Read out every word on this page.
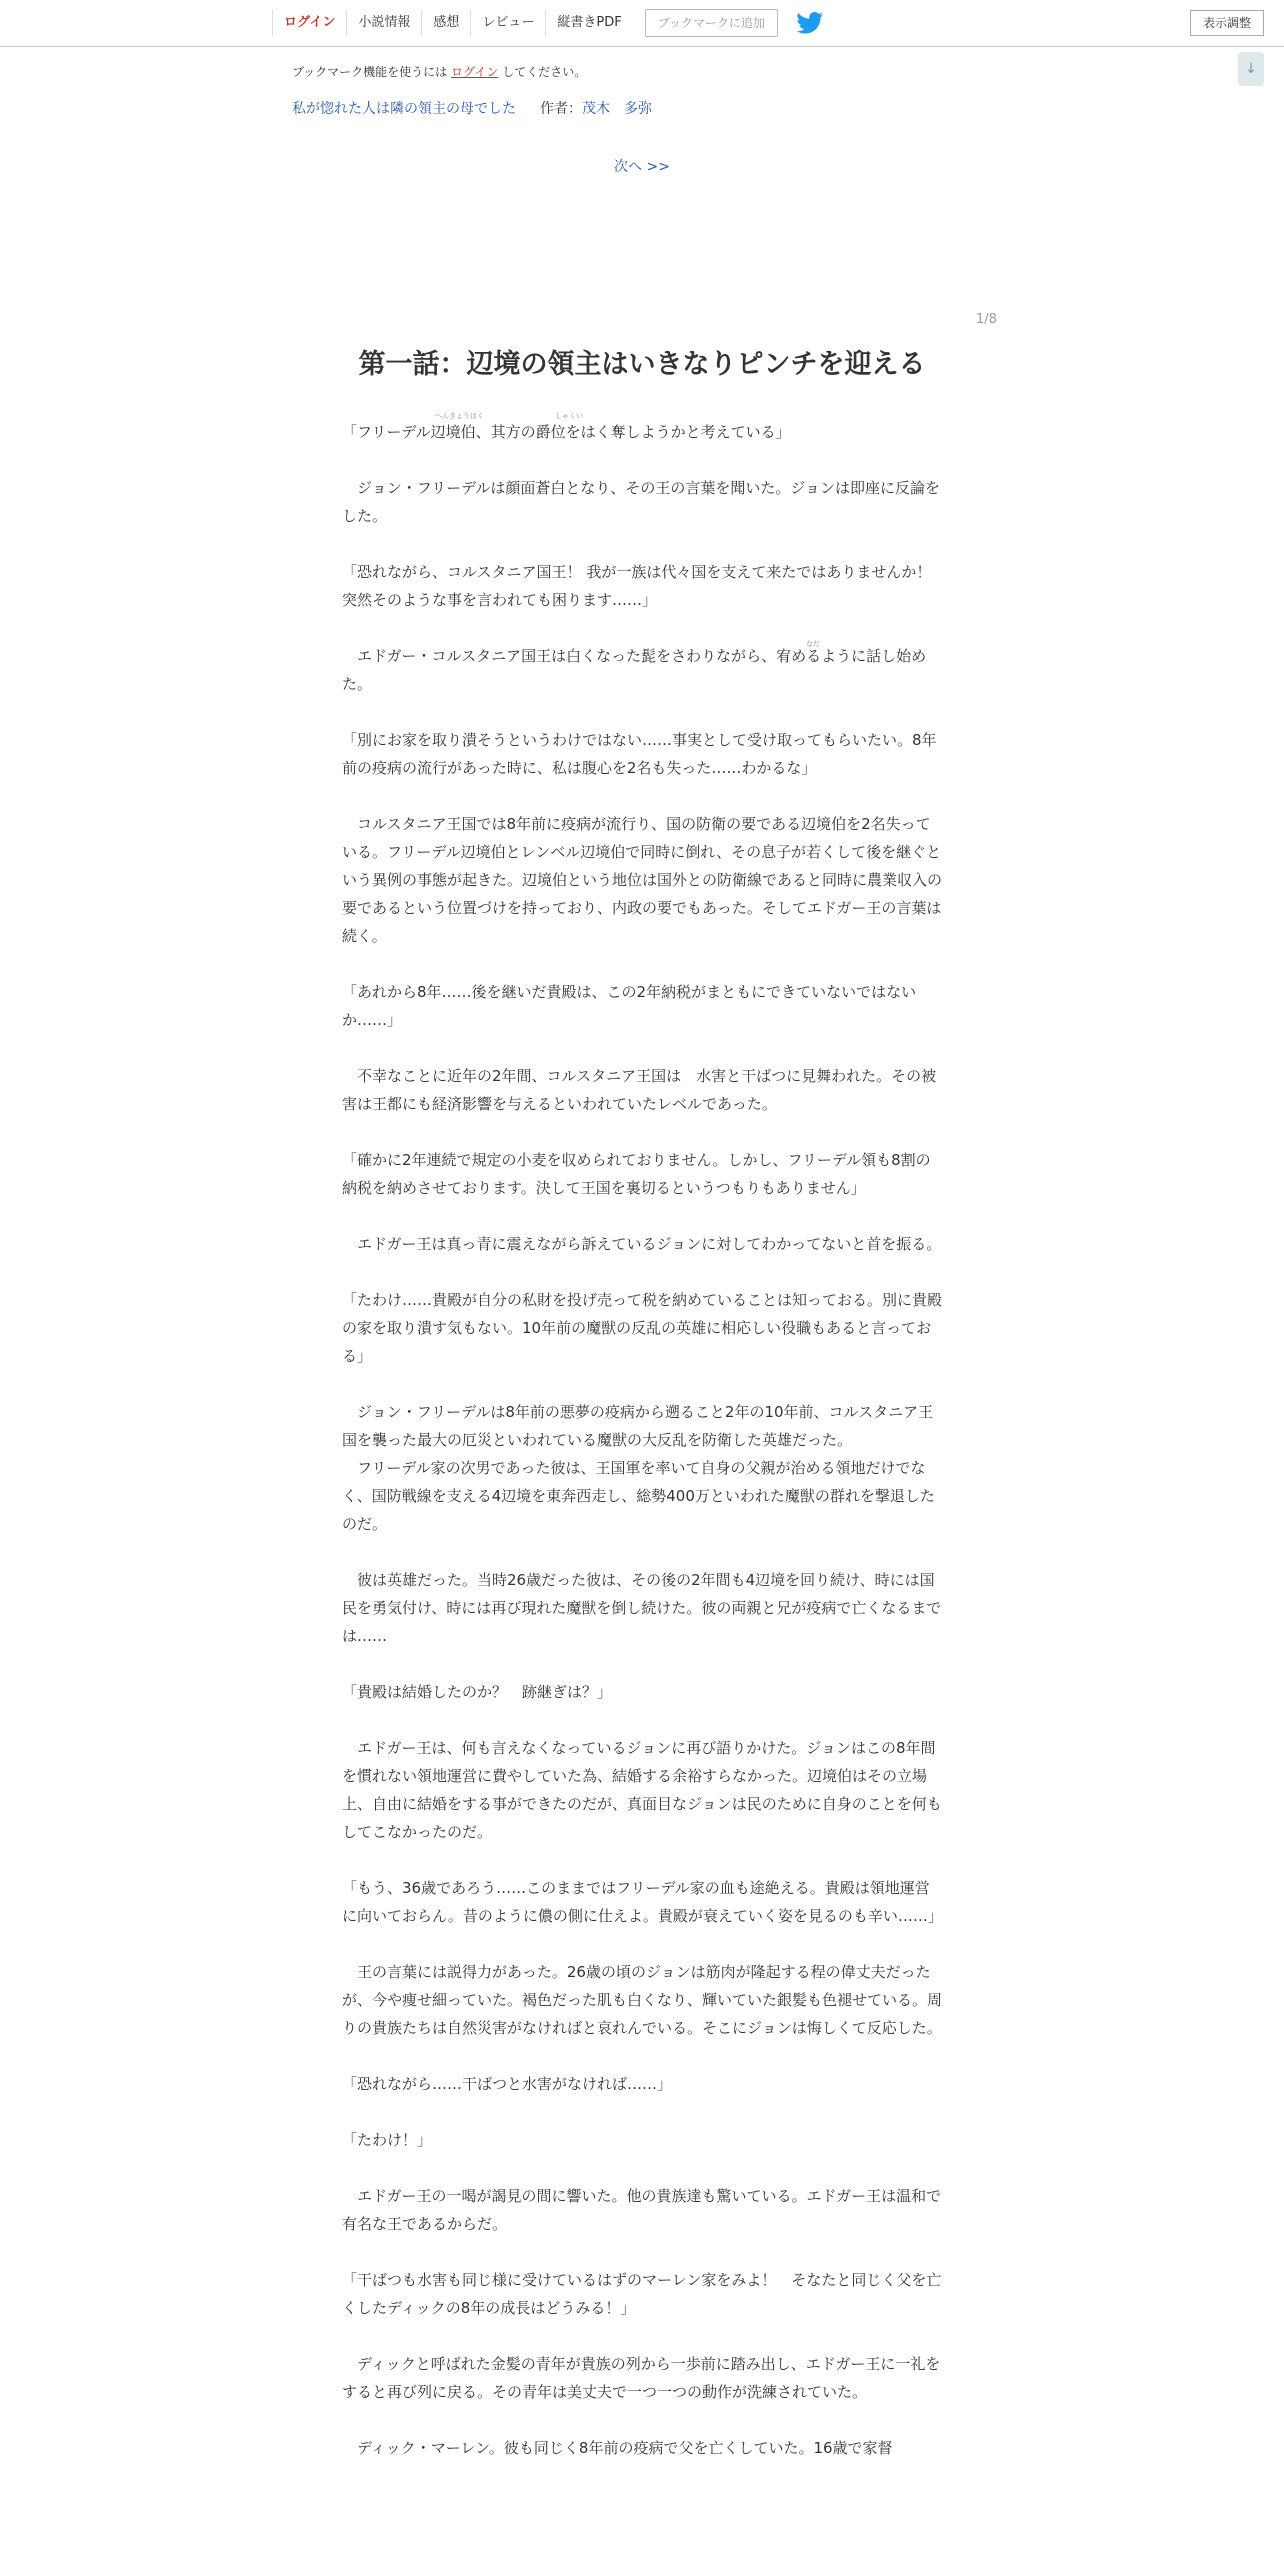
ログイン	小説情報	感想	レビュー	縦書きPDF	ブックマークに追加	表示調整
↓
ブックマーク機能を使うには ログイン してください。
私が惚れた人は隣の領主の母でした 作者：茂木　多弥
次へ >>
1/8
第一話：辺境の領主はいきなりピンチを迎える
へんきょうはく	しゃくい
なだ

「フリーデル辺境伯、其方の爵位をはく奪しようかと考えている」

　ジョン・フリーデルは顔面蒼白となり、その王の言葉を聞いた。ジョンは即座に反論をした。

「恐れながら、コルスタニア国王！ 我が一族は代々国を支えて来たではありませんか！　突然そのような事を言われても困ります……」

　エドガー・コルスタニア国王は白くなった髭をさわりながら、宥めるように話し始めた。

「別にお家を取り潰そうというわけではない……事実として受け取ってもらいたい。8年前の疫病の流行があった時に、私は腹心を2名も失った……わかるな」

　コルスタニア王国では8年前に疫病が流行り、国の防衛の要である辺境伯を2名失っている。フリーデル辺境伯とレンベル辺境伯で同時に倒れ、その息子が若くして後を継ぐという異例の事態が起きた。辺境伯という地位は国外との防衛線であると同時に農業収入の要であるという位置づけを持っており、内政の要でもあった。そしてエドガー王の言葉は続く。

「あれから8年……後を継いだ貴殿は、この2年納税がまともにできていないではないか……」

　不幸なことに近年の2年間、コルスタニア王国は　水害と干ばつに見舞われた。その被害は王都にも経済影響を与えるといわれていたレベルであった。

「確かに2年連続で規定の小麦を収められておりません。しかし、フリーデル領も8割の納税を納めさせております。決して王国を裏切るというつもりもありません」

　エドガー王は真っ青に震えながら訴えているジョンに対してわかってないと首を振る。

「たわけ……貴殿が自分の私財を投げ売って税を納めていることは知っておる。別に貴殿の家を取り潰す気もない。10年前の魔獣の反乱の英雄に相応しい役職もあると言っておる」

　ジョン・フリーデルは8年前の悪夢の疫病から遡ること2年の10年前、コルスタニア王国を襲った最大の厄災といわれている魔獣の大反乱を防衛した英雄だった。
　フリーデル家の次男であった彼は、王国軍を率いて自身の父親が治める領地だけでなく、国防戦線を支える4辺境を東奔西走し、総勢400万といわれた魔獣の群れを撃退したのだ。

　彼は英雄だった。当時26歳だった彼は、その後の2年間も4辺境を回り続け、時には国民を勇気付け、時には再び現れた魔獣を倒し続けた。彼の両親と兄が疫病で亡くなるまでは……

「貴殿は結婚したのか？　跡継ぎは？」

　エドガー王は、何も言えなくなっているジョンに再び語りかけた。ジョンはこの8年間を慣れない領地運営に費やしていた為、結婚する余裕すらなかった。辺境伯はその立場上、自由に結婚をする事ができたのだが、真面目なジョンは民のために自身のことを何もしてこなかったのだ。

「もう、36歳であろう……このままではフリーデル家の血も途絶える。貴殿は領地運営に向いておらん。昔のように儂の側に仕えよ。貴殿が衰えていく姿を見るのも辛い……」

　王の言葉には説得力があった。26歳の頃のジョンは筋肉が隆起する程の偉丈夫だったが、今や痩せ細っていた。褐色だった肌も白くなり、輝いていた銀髪も色褪せている。周りの貴族たちは自然災害がなければと哀れんでいる。そこにジョンは悔しくて反応した。

「恐れながら……干ばつと水害がなければ……」

「たわけ！」

　エドガー王の一喝が謁見の間に響いた。他の貴族達も驚いている。エドガー王は温和で有名な王であるからだ。

「干ばつも水害も同じ様に受けているはずのマーレン家をみよ！　そなたと同じく父を亡くしたディックの8年の成長はどうみる！」

　ディックと呼ばれた金髪の青年が貴族の列から一歩前に踏み出し、エドガー王に一礼をすると再び列に戻る。その青年は美丈夫で一つ一つの動作が洗練されていた。

　ディック・マーレン。彼も同じく8年前の疫病で父を亡くしていた。16歳で家督
